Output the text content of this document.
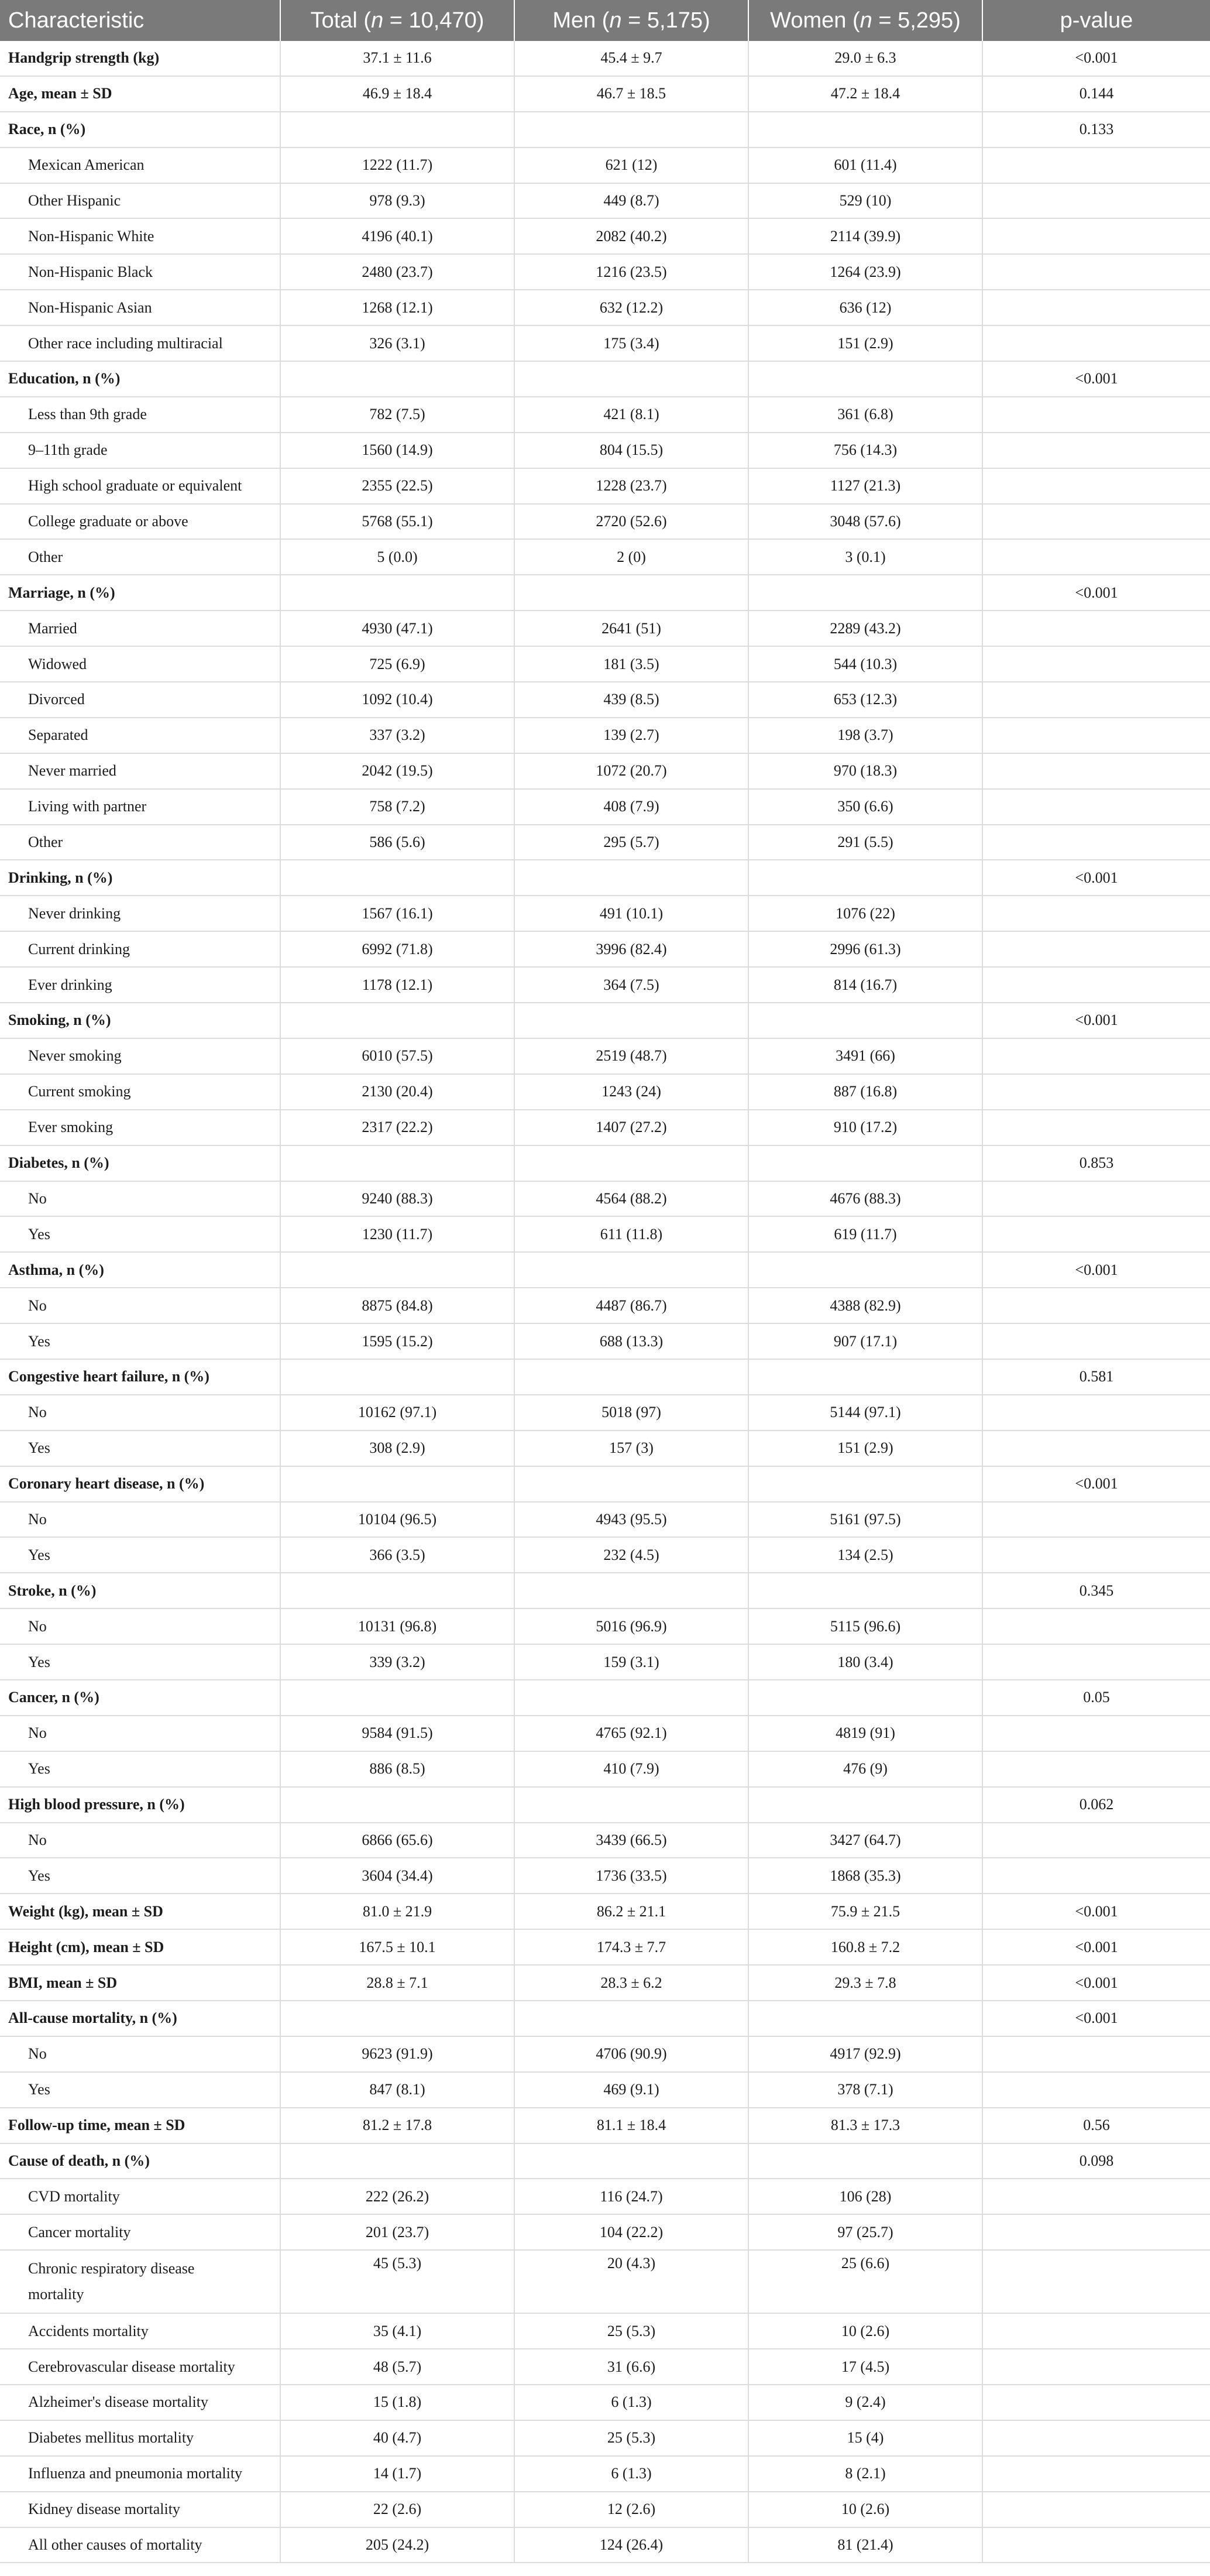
Characteristic	Total (n = 10,470)	Men (n = 5,175)	Women (n = 5,295)	p-value
Handgrip strength (kg)	37.1 ± 11.6	45.4 ± 9.7	29.0 ± 6.3	<0.001
Age, mean ± SD	46.9 ± 18.4	46.7 ± 18.5	47.2 ± 18.4	0.144
Race, n (%)				0.133
Mexican American	1222 (11.7)	621 (12)	601 (11.4)	
Other Hispanic	978 (9.3)	449 (8.7)	529 (10)	
Non-Hispanic White	4196 (40.1)	2082 (40.2)	2114 (39.9)	
Non-Hispanic Black	2480 (23.7)	1216 (23.5)	1264 (23.9)	
Non-Hispanic Asian	1268 (12.1)	632 (12.2)	636 (12)	
Other race including multiracial	326 (3.1)	175 (3.4)	151 (2.9)	
Education, n (%)				<0.001
Less than 9th grade	782 (7.5)	421 (8.1)	361 (6.8)	
9–11th grade	1560 (14.9)	804 (15.5)	756 (14.3)	
High school graduate or equivalent	2355 (22.5)	1228 (23.7)	1127 (21.3)	
College graduate or above	5768 (55.1)	2720 (52.6)	3048 (57.6)	
Other	5 (0.0)	2 (0)	3 (0.1)	
Marriage, n (%)				<0.001
Married	4930 (47.1)	2641 (51)	2289 (43.2)	
Widowed	725 (6.9)	181 (3.5)	544 (10.3)	
Divorced	1092 (10.4)	439 (8.5)	653 (12.3)	
Separated	337 (3.2)	139 (2.7)	198 (3.7)	
Never married	2042 (19.5)	1072 (20.7)	970 (18.3)	
Living with partner	758 (7.2)	408 (7.9)	350 (6.6)	
Other	586 (5.6)	295 (5.7)	291 (5.5)	
Drinking, n (%)				<0.001
Never drinking	1567 (16.1)	491 (10.1)	1076 (22)	
Current drinking	6992 (71.8)	3996 (82.4)	2996 (61.3)	
Ever drinking	1178 (12.1)	364 (7.5)	814 (16.7)	
Smoking, n (%)				<0.001
Never smoking	6010 (57.5)	2519 (48.7)	3491 (66)	
Current smoking	2130 (20.4)	1243 (24)	887 (16.8)	
Ever smoking	2317 (22.2)	1407 (27.2)	910 (17.2)	
Diabetes, n (%)				0.853
No	9240 (88.3)	4564 (88.2)	4676 (88.3)	
Yes	1230 (11.7)	611 (11.8)	619 (11.7)	
Asthma, n (%)				<0.001
No	8875 (84.8)	4487 (86.7)	4388 (82.9)	
Yes	1595 (15.2)	688 (13.3)	907 (17.1)	
Congestive heart failure, n (%)				0.581
No	10162 (97.1)	5018 (97)	5144 (97.1)	
Yes	308 (2.9)	157 (3)	151 (2.9)	
Coronary heart disease, n (%)				<0.001
No	10104 (96.5)	4943 (95.5)	5161 (97.5)	
Yes	366 (3.5)	232 (4.5)	134 (2.5)	
Stroke, n (%)				0.345
No	10131 (96.8)	5016 (96.9)	5115 (96.6)	
Yes	339 (3.2)	159 (3.1)	180 (3.4)	
Cancer, n (%)				0.05
No	9584 (91.5)	4765 (92.1)	4819 (91)	
Yes	886 (8.5)	410 (7.9)	476 (9)	
High blood pressure, n (%)				0.062
No	6866 (65.6)	3439 (66.5)	3427 (64.7)	
Yes	3604 (34.4)	1736 (33.5)	1868 (35.3)	
Weight (kg), mean ± SD	81.0 ± 21.9	86.2 ± 21.1	75.9 ± 21.5	<0.001
Height (cm), mean ± SD	167.5 ± 10.1	174.3 ± 7.7	160.8 ± 7.2	<0.001
BMI, mean ± SD	28.8 ± 7.1	28.3 ± 6.2	29.3 ± 7.8	<0.001
All-cause mortality, n (%)				<0.001
No	9623 (91.9)	4706 (90.9)	4917 (92.9)	
Yes	847 (8.1)	469 (9.1)	378 (7.1)	
Follow-up time, mean ± SD	81.2 ± 17.8	81.1 ± 18.4	81.3 ± 17.3	0.56
Cause of death, n (%)				0.098
CVD mortality	222 (26.2)	116 (24.7)	106 (28)	
Cancer mortality	201 (23.7)	104 (22.2)	97 (25.7)	
Chronic respiratory disease mortality	45 (5.3)	20 (4.3)	25 (6.6)	
Accidents mortality	35 (4.1)	25 (5.3)	10 (2.6)	
Cerebrovascular disease mortality	48 (5.7)	31 (6.6)	17 (4.5)	
Alzheimer's disease mortality	15 (1.8)	6 (1.3)	9 (2.4)	
Diabetes mellitus mortality	40 (4.7)	25 (5.3)	15 (4)	
Influenza and pneumonia mortality	14 (1.7)	6 (1.3)	8 (2.1)	
Kidney disease mortality	22 (2.6)	12 (2.6)	10 (2.6)	
All other causes of mortality	205 (24.2)	124 (26.4)	81 (21.4)	
